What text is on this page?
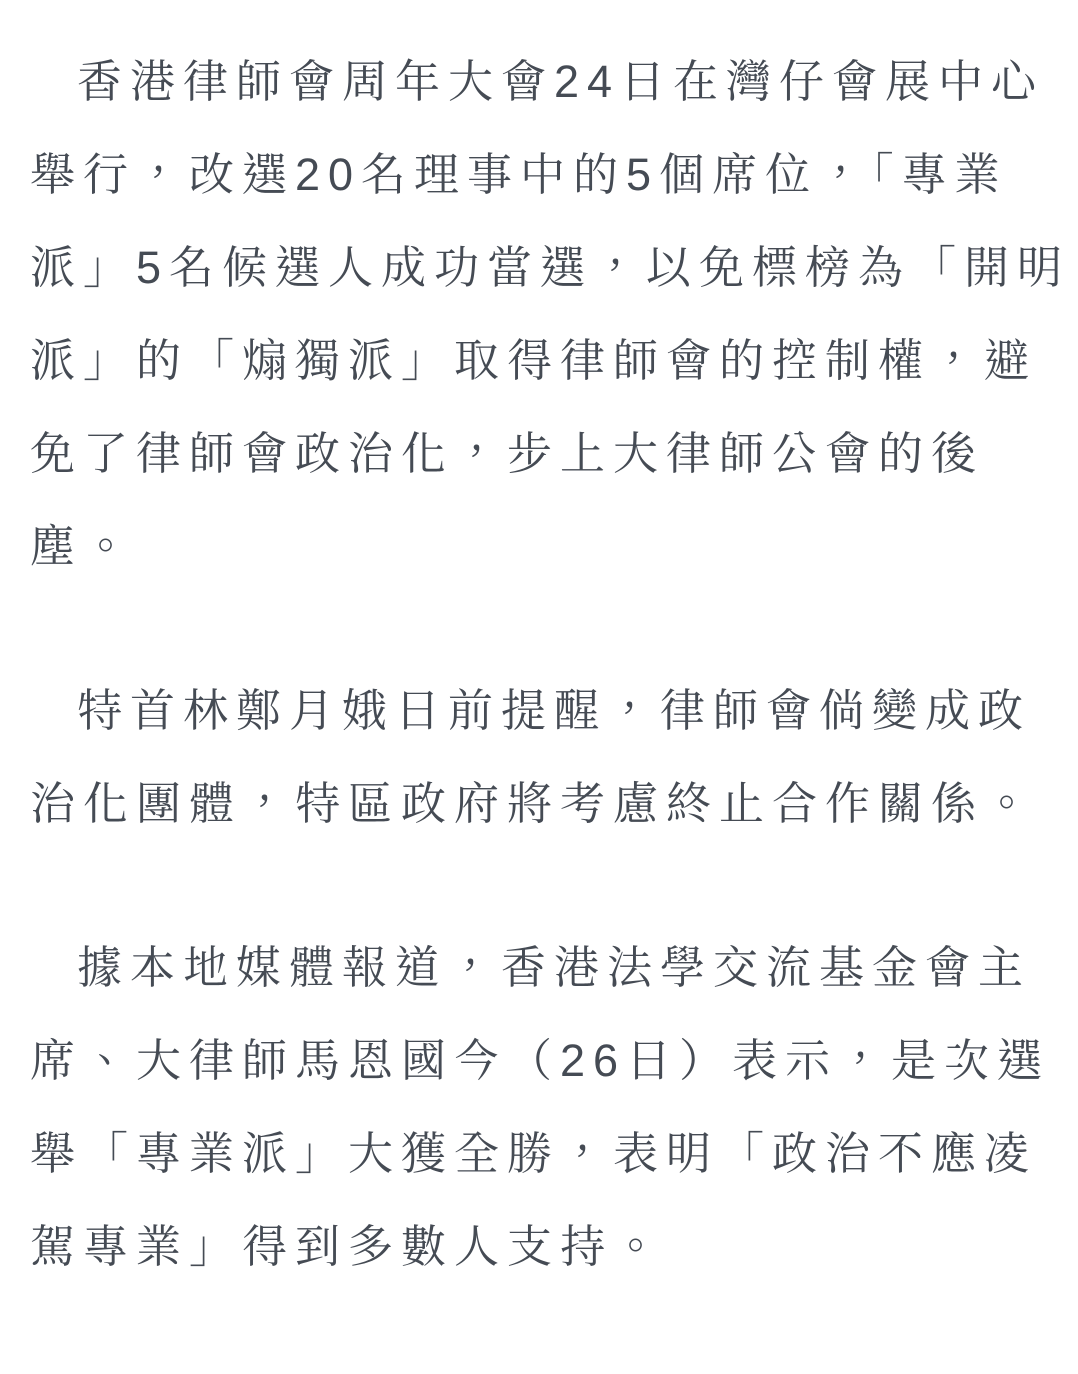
香港律師會周年大會24日在灣仔會展中心
舉行，改選20名理事中的5個席位，「專業
派」5名候選人成功當選，以免標榜為「開明
派」的「煽獨派」取得律師會的控制權，避
免了律師會政治化，步上大律師公會的後
塵。

特首林鄭月娥日前提醒，律師會倘變成政
治化團體，特區政府將考慮終止合作關係。

據本地媒體報道，香港法學交流基金會主
席、大律師馬恩國今（26日）表示，是次選
舉「專業派」大獲全勝，表明「政治不應凌
駕專業」得到多數人支持。
